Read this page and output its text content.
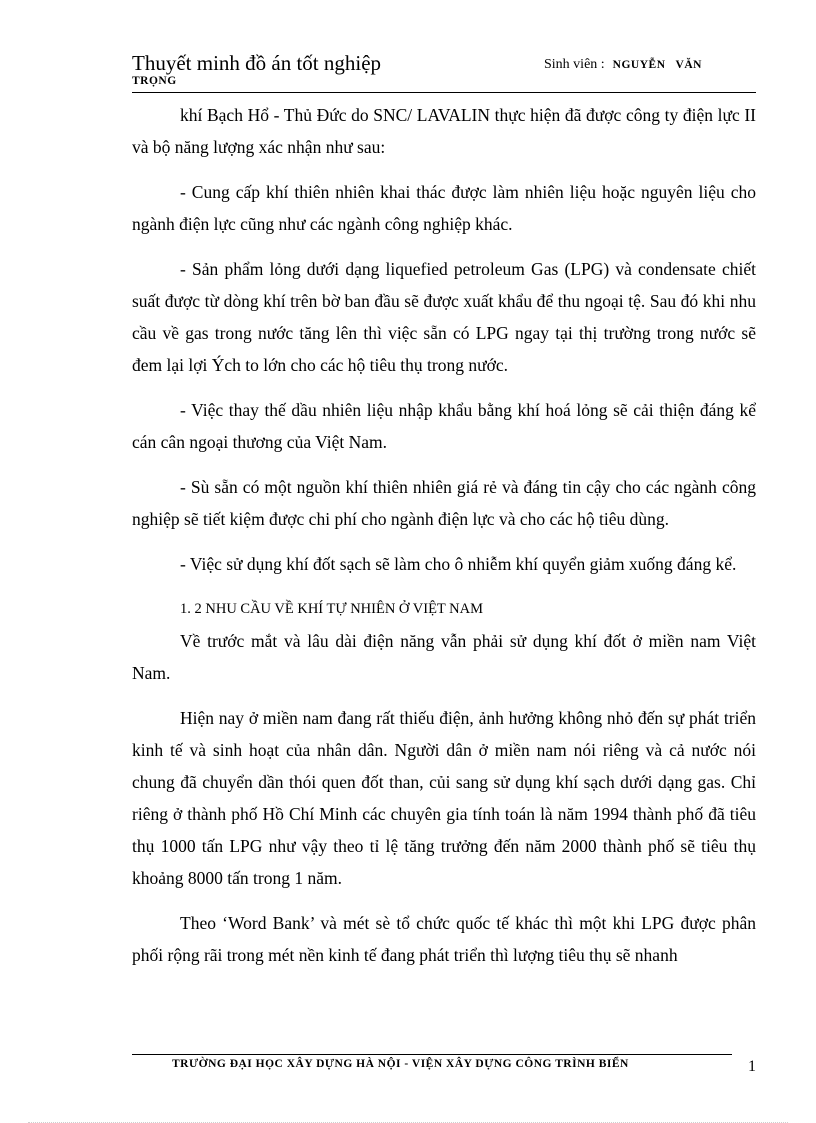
Thuyết minh đồ án tốt nghiệp	Sinh viên : NGUYỄN VĂN
TRỌNG

khí Bạch Hổ - Thủ Đức do SNC/ LAVALIN thực hiện đã được công ty điện lực II và bộ năng lượng xác nhận như sau:

- Cung cấp khí thiên nhiên khai thác được làm nhiên liệu hoặc nguyên liệu cho ngành điện lực cũng như các ngành công nghiệp khác.

- Sản phẩm lỏng dưới dạng liquefied petroleum Gas (LPG) và condensate chiết suất được từ dòng khí trên bờ ban đầu sẽ được xuất khẩu để thu ngoại tệ. Sau đó khi nhu cầu về gas trong nước tăng lên thì việc sẵn có LPG ngay tại thị trường trong nước sẽ đem lại lợi Ých to lớn cho các hộ tiêu thụ trong nước.

- Việc thay thế dầu nhiên liệu nhập khẩu bằng khí hoá lỏng sẽ cải thiện đáng kể cán cân ngoại thương của Việt Nam.

- Sù sẵn có một nguồn khí thiên nhiên giá rẻ và đáng tin cậy cho các ngành công nghiệp sẽ tiết kiệm được chi phí cho ngành điện lực và cho các hộ tiêu dùng.

- Việc sử dụng khí đốt sạch sẽ làm cho ô nhiễm khí quyển giảm xuống đáng kể.

1. 2 NHU CẦU VỀ KHÍ TỰ NHIÊN Ở VIỆT NAM

Về trước mắt và lâu dài điện năng vẫn phải sử dụng khí đốt ở miền nam Việt Nam.

Hiện nay ở miền nam đang rất thiếu điện, ảnh hưởng không nhỏ đến sự phát triển kinh tế và sinh hoạt của nhân dân. Người dân ở miền nam nói riêng và cả nước nói chung đã chuyển dần thói quen đốt than, củi sang sử dụng khí sạch dưới dạng gas. Chỉ riêng ở thành phố Hồ Chí Minh các chuyên gia tính toán là năm 1994 thành phố đã tiêu thụ 1000 tấn LPG như vậy theo tỉ lệ tăng trưởng đến năm 2000 thành phố sẽ tiêu thụ khoảng 8000 tấn trong 1 năm.

Theo ‘Word Bank’ và mét sè tổ chức quốc tế khác thì một khi LPG được phân phối rộng rãi trong mét nền kinh tế đang phát triển thì lượng tiêu thụ sẽ nhanh

TRƯỜNG ĐẠI HỌC XÂY DỰNG HÀ NỘI - VIỆN XÂY DỰNG CÔNG TRÌNH BIỂN	1
